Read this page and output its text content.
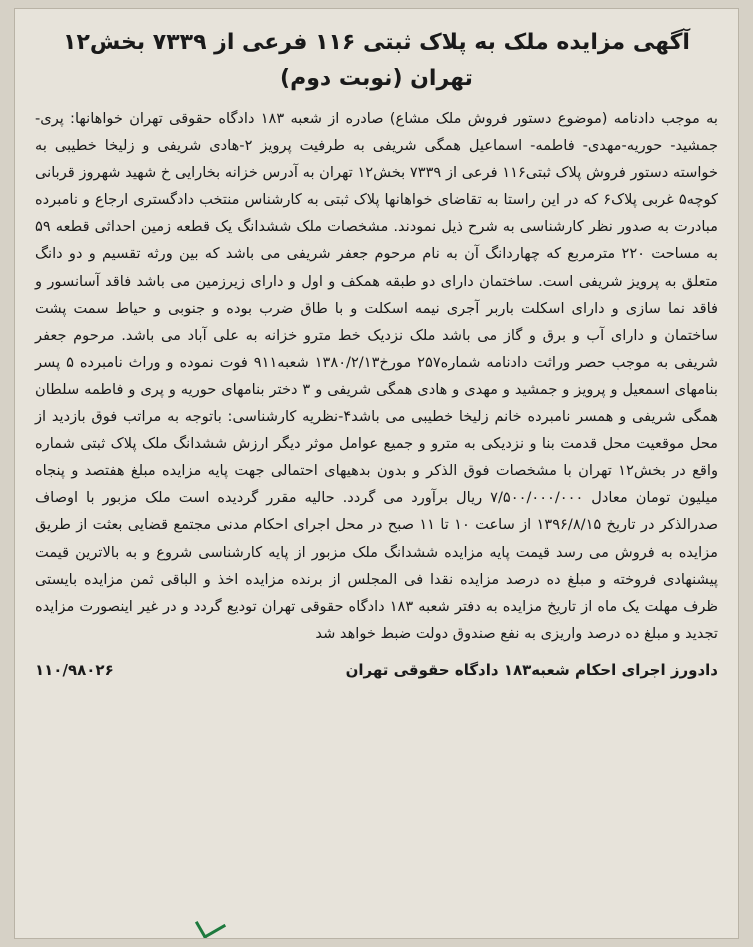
آگهی مزایده ملک به پلاک ثبتی ۱۱۶ فرعی از ۷۳۳۹ بخش۱۲
تهران (نوبت دوم)

به موجب دادنامه (موضوع دستور فروش ملک مشاع) صادره از شعبه ۱۸۳ دادگاه حقوقی تهران خواهانها: پری- جمشید- حوریه-مهدی- فاطمه- اسماعیل همگی شریفی به طرفیت پرویز ۲-هادی شریفی و زلیخا خطیبی به خواسته دستور فروش پلاک ثبتی۱۱۶ فرعی از ۷۳۳۹ بخش۱۲ تهران به آدرس خزانه بخارایی خ شهید شهروز قربانی کوچه۵ غربی پلاک۶ که در این راستا به تقاضای خواهانها پلاک ثبتی به کارشناس منتخب دادگستری ارجاع و نامبرده مبادرت به صدور نظر کارشناسی به شرح ذیل نمودند. مشخصات ملک ششدانگ یک قطعه زمین احداثی قطعه ۵۹ به مساحت ۲۲۰ مترمربع که چهاردانگ آن به نام مرحوم جعفر شریفی می باشد که بین ورثه تقسیم و دو دانگ متعلق به پرویز شریفی است. ساختمان دارای دو طبقه همکف و اول و دارای زیرزمین می باشد فاقد آسانسور و فاقد نما سازی و دارای اسکلت باربر آجری نیمه اسکلت و با طاق ضرب بوده و جنوبی و حیاط سمت پشت ساختمان و دارای آب و برق و گاز می باشد ملک نزدیک خط مترو خزانه به علی آباد می باشد. مرحوم جعفر شریفی به موجب حصر وراثت دادنامه شماره۲۵۷ مورخ۱۳۸۰/۲/۱۳ شعبه۹۱۱ فوت نموده و وراث نامبرده ۵ پسر بنامهای اسمعیل و پرویز و جمشید و مهدی و هادی همگی شریفی و ۳ دختر بنامهای حوریه و پری و فاطمه سلطان همگی شریفی و همسر نامبرده خانم زلیخا خطیبی می باشد۴-نظریه کارشناسی: باتوجه به مراتب فوق بازدید از محل موقعیت محل قدمت بنا و نزدیکی به مترو و جمیع عوامل موثر دیگر ارزش ششدانگ ملک پلاک ثبتی شماره واقع در بخش۱۲ تهران با مشخصات فوق الذکر و بدون بدهیهای احتمالی جهت پایه مزایده مبلغ هفتصد و پنجاه میلیون تومان معادل ۷/۵۰۰/۰۰۰/۰۰۰ ریال برآورد می گردد. حالیه مقرر گردیده است ملک مزبور با اوصاف صدرالذکر در تاریخ ۱۳۹۶/۸/۱۵ از ساعت ۱۰ تا ۱۱ صبح در محل اجرای احکام مدنی مجتمع قضایی بعثت از طریق مزایده به فروش می رسد قیمت پایه مزایده ششدانگ ملک مزبور از پایه کارشناسی شروع و به بالاترین قیمت پیشنهادی فروخته و مبلغ ده درصد مزایده نقدا فی المجلس از برنده مزایده اخذ و الباقی ثمن مزایده بایستی ظرف مهلت یک ماه از تاریخ مزایده به دفتر شعبه ۱۸۳ دادگاه حقوقی تهران تودیع گردد و در غیر اینصورت مزایده تجدید و مبلغ ده درصد واریزی به نفع صندوق دولت ضبط خواهد شد

دادورز اجرای احکام شعبه۱۸۳ دادگاه حقوقی تهران
۱۱۰/۹۸۰۲۶
